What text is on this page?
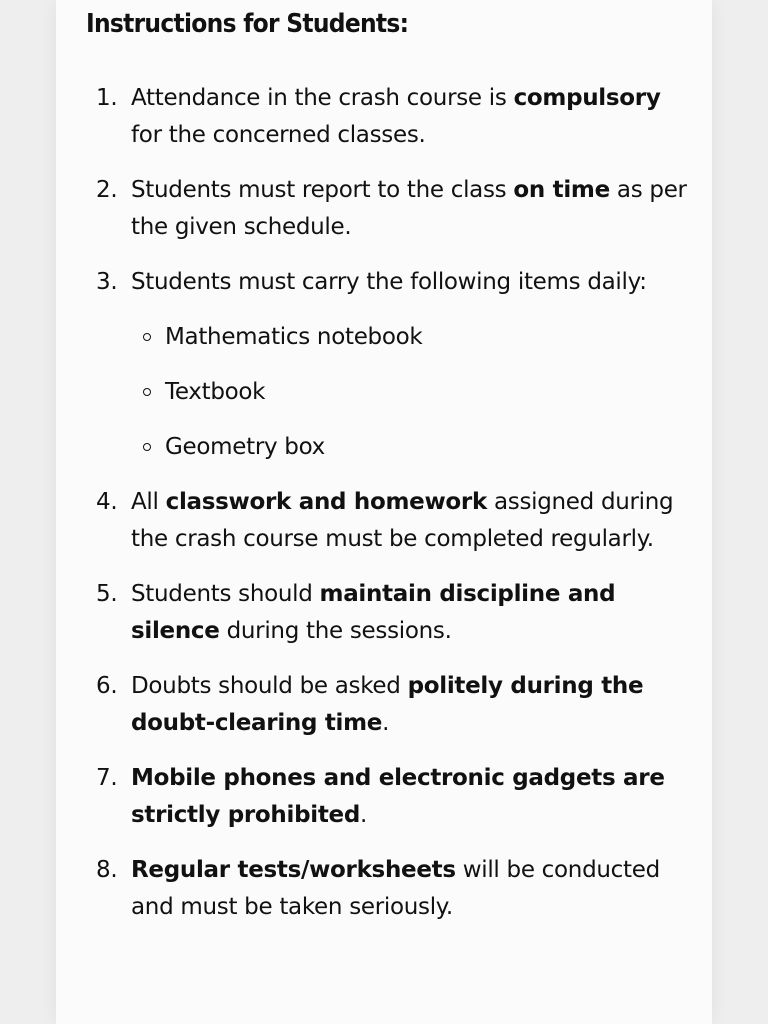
Instructions for Students:
1. Attendance in the crash course is compulsory for the concerned classes.
2. Students must report to the class on time as per the given schedule.
3. Students must carry the following items daily:
Mathematics notebook
Textbook
Geometry box
4. All classwork and homework assigned during the crash course must be completed regularly.
5. Students should maintain discipline and silence during the sessions.
6. Doubts should be asked politely during the doubt-clearing time.
7. Mobile phones and electronic gadgets are strictly prohibited.
8. Regular tests/worksheets will be conducted and must be taken seriously.
